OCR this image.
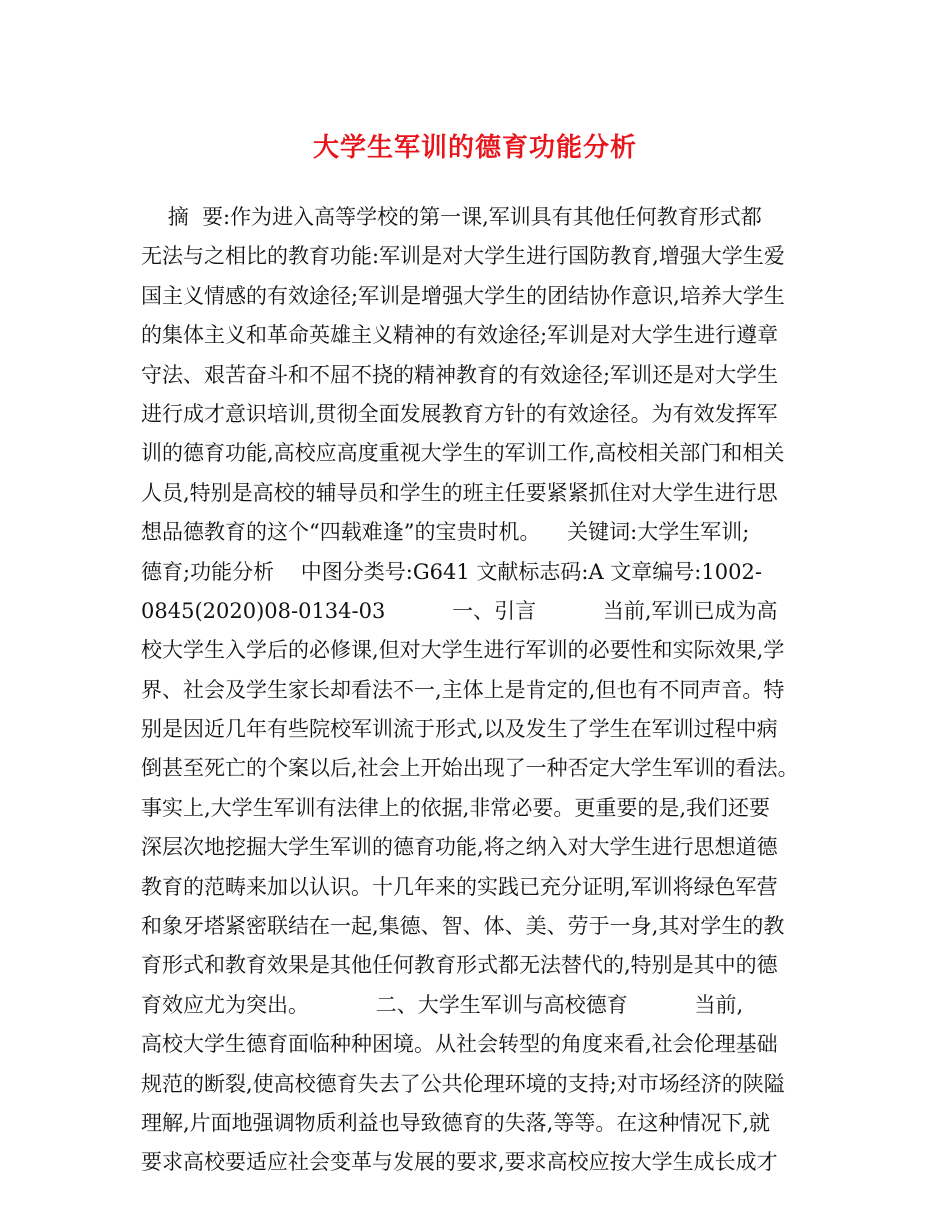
大学生军训的德育功能分析
摘  要:作为进入高等学校的第一课,军训具有其他任何教育形式都
无法与之相比的教育功能:军训是对大学生进行国防教育,增强大学生爱
国主义情感的有效途径;军训是增强大学生的团结协作意识,培养大学生
的集体主义和革命英雄主义精神的有效途径;军训是对大学生进行遵章
守法、艰苦奋斗和不屈不挠的精神教育的有效途径;军训还是对大学生
进行成才意识培训,贯彻全面发展教育方针的有效途径。为有效发挥军
训的德育功能,高校应高度重视大学生的军训工作,高校相关部门和相关
人员,特别是高校的辅导员和学生的班主任要紧紧抓住对大学生进行思
想品德教育的这个“四载难逢”的宝贵时机。    关键词:大学生军训;
德育;功能分析    中图分类号:G641 文献标志码:A 文章编号:1002-
0845(2020)08-0134-03          一、引言          当前,军训已成为高
校大学生入学后的必修课,但对大学生进行军训的必要性和实际效果,学
界、社会及学生家长却看法不一,主体上是肯定的,但也有不同声音。特
别是因近几年有些院校军训流于形式,以及发生了学生在军训过程中病
倒甚至死亡的个案以后,社会上开始出现了一种否定大学生军训的看法。
事实上,大学生军训有法律上的依据,非常必要。更重要的是,我们还要
深层次地挖掘大学生军训的德育功能,将之纳入对大学生进行思想道德
教育的范畴来加以认识。十几年来的实践已充分证明,军训将绿色军营
和象牙塔紧密联结在一起,集德、智、体、美、劳于一身,其对学生的教
育形式和教育效果是其他任何教育形式都无法替代的,特别是其中的德
育效应尤为突出。          二、大学生军训与高校德育          当前,
高校大学生德育面临种种困境。从社会转型的角度来看,社会伦理基础
规范的断裂,使高校德育失去了公共伦理环境的支持;对市场经济的陕隘
理解,片面地强调物质利益也导致德育的失落,等等。在这种情况下,就
要求高校要适应社会变革与发展的要求,要求高校应按大学生成长成才
